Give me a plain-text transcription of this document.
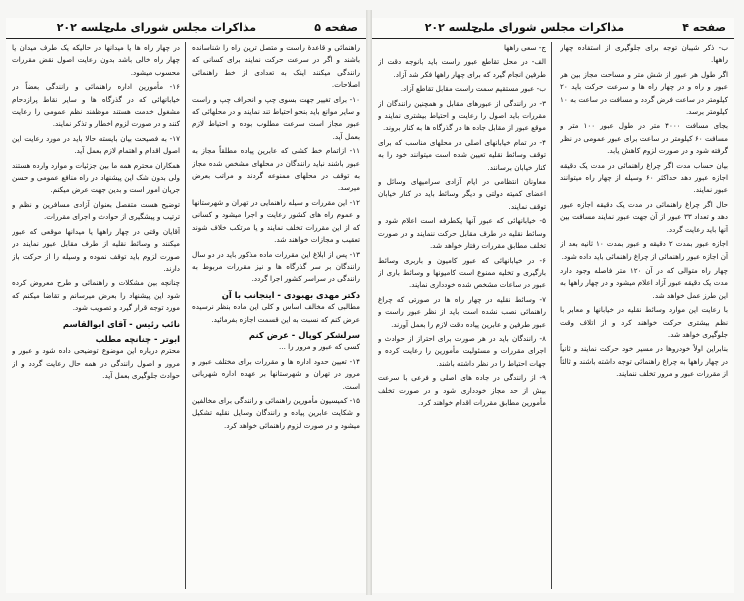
صفحه ۵
مذاکرات مجلس شورای ملی
جلسه ۲۰۲

راهنمائی و قاعدهٔ راست و متصل ترین راه را شناسانده باشند و اگر در سرعت حرکت نمایند برای کسانی که رانندگی میکنند اینک به تعدادی از خط راهنمائی اصلاحات.

۱۰- برای تغییر جهت بسوی چپ و انحراف چپ و راست و سایر موانع باید بنحو احتیاط تند نمایند و در محلهائی که عبور مجاز است سرعت مطلوب بوده و احتیاط لازم بعمل آید.

۱۱- ازاتمام خط کشی که عابرین پیاده مطلقاً مجاز به عبور باشند نباید رانندگان در محلهای مشخص شده مجاز به توقف در محلهای ممنوعه گردند و مراتب بعرض میرسد.

۱۲- این مقررات و سیله راهنمایی در تهران و شهرستانها و عموم راه های کشور رعایت و اجرا میشود و کسانی که از این مقررات تخلف نمایند و یا مرتکب خلاف شوند تعقیب و مجازات خواهند شد.

۱۳- پس از ابلاغ این مقررات ماده مذکور باید در دو سال رانندگان بر سر گذرگاه ها و نیز مقررات مربوط به رانندگی در سراسر کشور اجرا گردد.

دکتر مهدی بهبودی - اینجانب با آن

مطالبی که مخالف اساس و کلی این ماده بنظر نرسیده عرض کنم که نسبت به این قسمت اجازه بفرمائید.

سرلشکر کوپال - عرض کنم

کسی که عبور و مرور را ...

۱۴- تعیین حدود اداره ها و مقررات برای مختلف عبور و مرور در تهران و شهرستانها بر عهده اداره شهربانی است.

۱۵- کمیسیون مأمورین راهنمائی و رانندگی برای مخالفین و شکایت عابرین پیاده و رانندگان وسایل نقلیه تشکیل میشود و در صورت لزوم راهنمائی خواهد کرد.

در چهار راه ها یا میدانها در حالیکه یک طرف میدان یا چهار راه خالی باشد بدون رعایت اصول نقض مقررات محسوب میشود.

۱۶- مأمورین اداره راهنمائی و رانندگی بعضاً در خیابانهائی که در گذرگاه ها و سایر نقاط پرازدحام مشغول خدمت هستند موظفند نظم عمومی را رعایت کنند و در صورت لزوم اخطار و تذکر نمایند.

۱۷- به فصیحت بیان بایسته حالا باید در مورد رعایت این اصول اقدام و اهتمام لازم بعمل آید.

همکاران محترم همه ما بین جزئیات و موارد وارده هستند ولی بدون شک این پیشنهاد در راه منافع عمومی و حسن جریان امور است و بدین جهت عرض میکنم.

توضیح هست متفصل بعنوان آزادی مسافرین و نظم و ترتیب و پیشگیری از حوادث و اجرای مقررات.

آقایان وقتی در چهار راهها یا میدانها موقعی که عبور میکنند و وسائط نقلیه از طرف مقابل عبور نمایند در صورت لزوم باید توقف نموده و وسیله را از حرکت باز دارند.

چنانچه بین مشکلات و راهنمائی و طرح معروض کرده شود این پیشنهاد را بعرض میرسانم و تقاضا میکنم که مورد توجه قرار گیرد و تصویب شود.

نائب رئیس - آقای ابوالقاسم
ابوتر - چنانچه مطلب

محترم درباره این موضوع توضیحی داده شود و عبور و مرور و اصول رانندگی در همه حال رعایت گردد و از حوادث جلوگیری بعمل آید.

صفحه ۴
مذاکرات مجلس شورای ملی
جلسه ۲۰۲

ب- ذکر شیبان توجه برای جلوگیری از استفاده چهار راهها.

اگر طول هر عبور از شش متر و مساحت مجاز بین هر عبور و راه و در چهار راه ها و سرعت حرکت باید ۲۰ کیلومتر در ساعت فرض گردد و مسافت در ساعت به ۱۰ کیلومتر برسد.

بجای مسافت ۴۰۰۰ متر در طول عبور ۱۰۰ متر و مسافت ۶۰ کیلومتر در ساعت برای عبور عمومی در نظر گرفته شود و در صورت لزوم کاهش یابد.

بیان حساب مدت اگر چراغ راهنمائی در مدت یک دقیقه اجازه عبور دهد حداکثر ۶۰ وسیله از چهار راه میتوانند عبور نمایند.

حال اگر چراغ راهنمائی در مدت یک دقیقه اجازه عبور دهد و تعداد ۳۳ عبور از آن جهت عبور نمایند مسافت بین آنها باید رعایت گردد.

اجازه عبور بمدت ۲ دقیقه و عبور بمدت ۱۰ ثانیه بعد از آن اجازه عبور راهنمائی از چراغ راهنمائی باید داده شود.

چهار راه متوالی که در آن ۱۲۰ متر فاصله وجود دارد مدت یک دقیقه عبور آزاد اعلام میشود و در چهار راهها به این طرز عمل خواهد شد.

با رعایت این موارد وسائط نقلیه در خیابانها و معابر با نظم بیشتری حرکت خواهند کرد و از اتلاف وقت جلوگیری خواهد شد.

بنابراین اولاً خودروها در مسیر خود حرکت نمایند و ثانیاً در چهار راهها به چراغ راهنمائی توجه داشته باشند و ثالثاً از مقررات عبور و مرور تخلف ننمایند.

ج- سعی راهها

الف- در محل تقاطع عبور راست باید بانوجه دقت از طرفین انجام گیرد که برای چهار راهها فکر شد آزاد.

ب- عبور مستقیم سمت راست مقابل تقاطع آزاد.

۳- در رانندگی از عبورهای مقابل و همچنین رانندگان از مقررات باید اصول را رعایت و احتیاط بیشتری نمایند و موقع عبور از مقابل جاده ها در گذرگاه ها به کنار بروند.

۴- در تمام خیابانهای اصلی در محلهای مناسب که برای توقف وسائط نقلیه تعیین شده است میتوانند خود را به کنار خیابان برسانند.

معاونان انتظامی در ایام آزادی سرامیهای وسائل و اعضای کمیته دولتی و دیگر وسائط باید در کنار خیابان توقف نمایند.

۵- خیابانهائی که عبور آنها یکطرفه است اعلام شود و وسائط نقلیه در طرف مقابل حرکت ننمایند و در صورت تخلف مطابق مقررات رفتار خواهد شد.

۶- در خیابانهائی که عبور کامیون و باربری وسائط بارگیری و تخلیه ممنوع است کامیونها و وسائط باری از عبور در ساعات مشخص شده خودداری نمایند.

۷- وسائط نقلیه در چهار راه ها در صورتی که چراغ راهنمائی نصب نشده است باید از نظر عبور راست و عبور طرفین و عابرین پیاده دقت لازم را بعمل آورند.

۸- رانندگان باید در هر صورت برای احتراز از حوادث و اجرای مقررات و مسئولیت مأمورین را رعایت کرده و جهات احتیاط را در نظر داشته باشند.

۹- از رانندگی در جاده های اصلی و فرعی با سرعت بیش از حد مجاز خودداری شود و در صورت تخلف مأمورین مطابق مقررات اقدام خواهند کرد.
